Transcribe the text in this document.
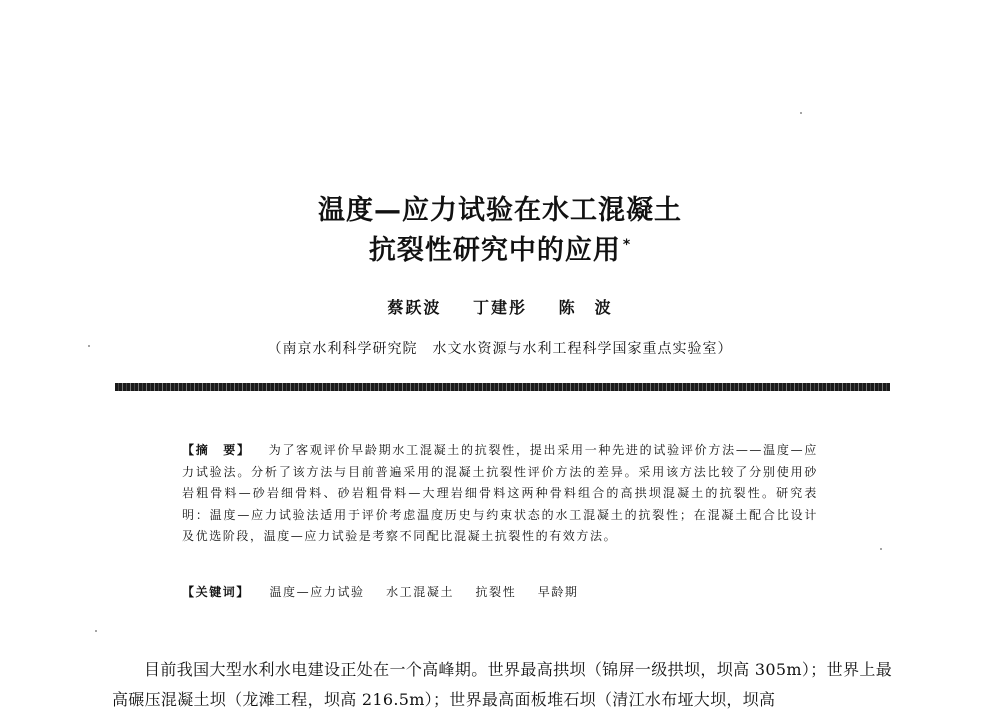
温度—应力试验在水工混凝土
抗裂性研究中的应用 *
蔡跃波 丁建彤 陈　波
（南京水利科学研究院　水文水资源与水利工程科学国家重点实验室）
【摘　要】 为了客观评价早龄期水工混凝土的抗裂性，提出采用一种先进的试验评价方法——温度—应力试验法。分析了该方法与目前普遍采用的混凝土抗裂性评价方法的差异。采用该方法比较了分别使用砂岩粗骨料—砂岩细骨料、砂岩粗骨料—大理岩细骨料这两种骨料组合的高拱坝混凝土的抗裂性。研究表明：温度—应力试验法适用于评价考虑温度历史与约束状态的水工混凝土的抗裂性；在混凝土配合比设计及优选阶段，温度—应力试验是考察不同配比混凝土抗裂性的有效方法。
【关键词】 温度—应力试验 水工混凝土 抗裂性 早龄期
目前我国大型水利水电建设正处在一个高峰期。世界最高拱坝（锦屏一级拱坝，坝高 305m）；世界上最高碾压混凝土坝（龙滩工程，坝高 216.5m）；世界最高面板堆石坝（清江水布垭大坝，坝高
